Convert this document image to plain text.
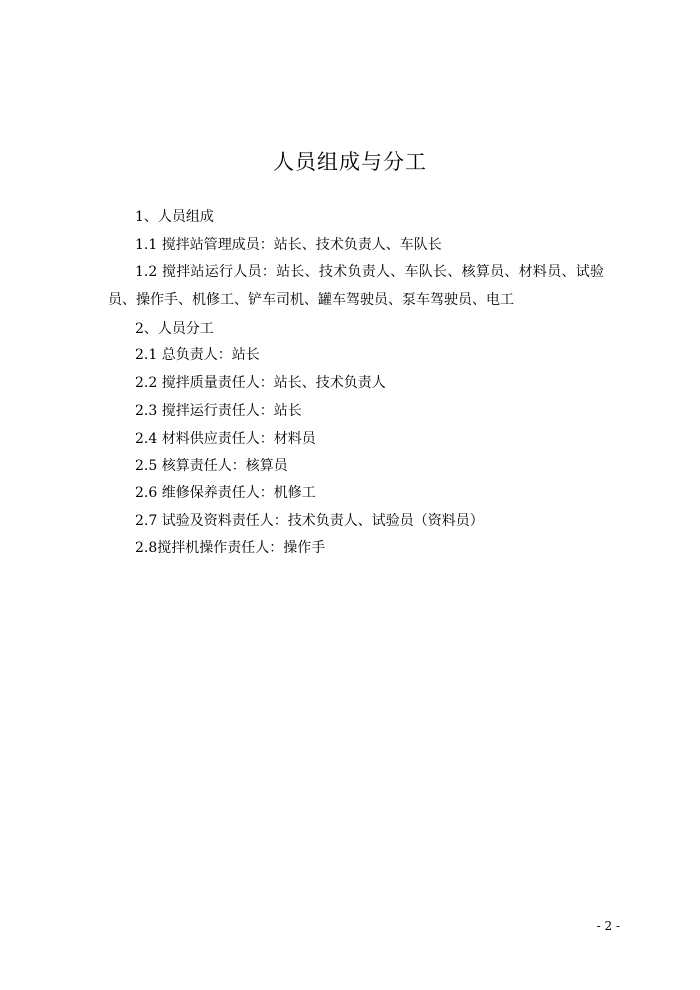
人员组成与分工
1、人员组成
1.1 搅拌站管理成员：站长、技术负责人、车队长
1.2 搅拌站运行人员：站长、技术负责人、车队长、核算员、材料员、试验员、操作手、机修工、铲车司机、罐车驾驶员、泵车驾驶员、电工
2、人员分工
2.1 总负责人：站长
2.2 搅拌质量责任人：站长、技术负责人
2.3 搅拌运行责任人：站长
2.4 材料供应责任人：材料员
2.5 核算责任人：核算员
2.6 维修保养责任人：机修工
2.7 试验及资料责任人：技术负责人、试验员（资料员）
2.8搅拌机操作责任人：操作手
- 2 -
